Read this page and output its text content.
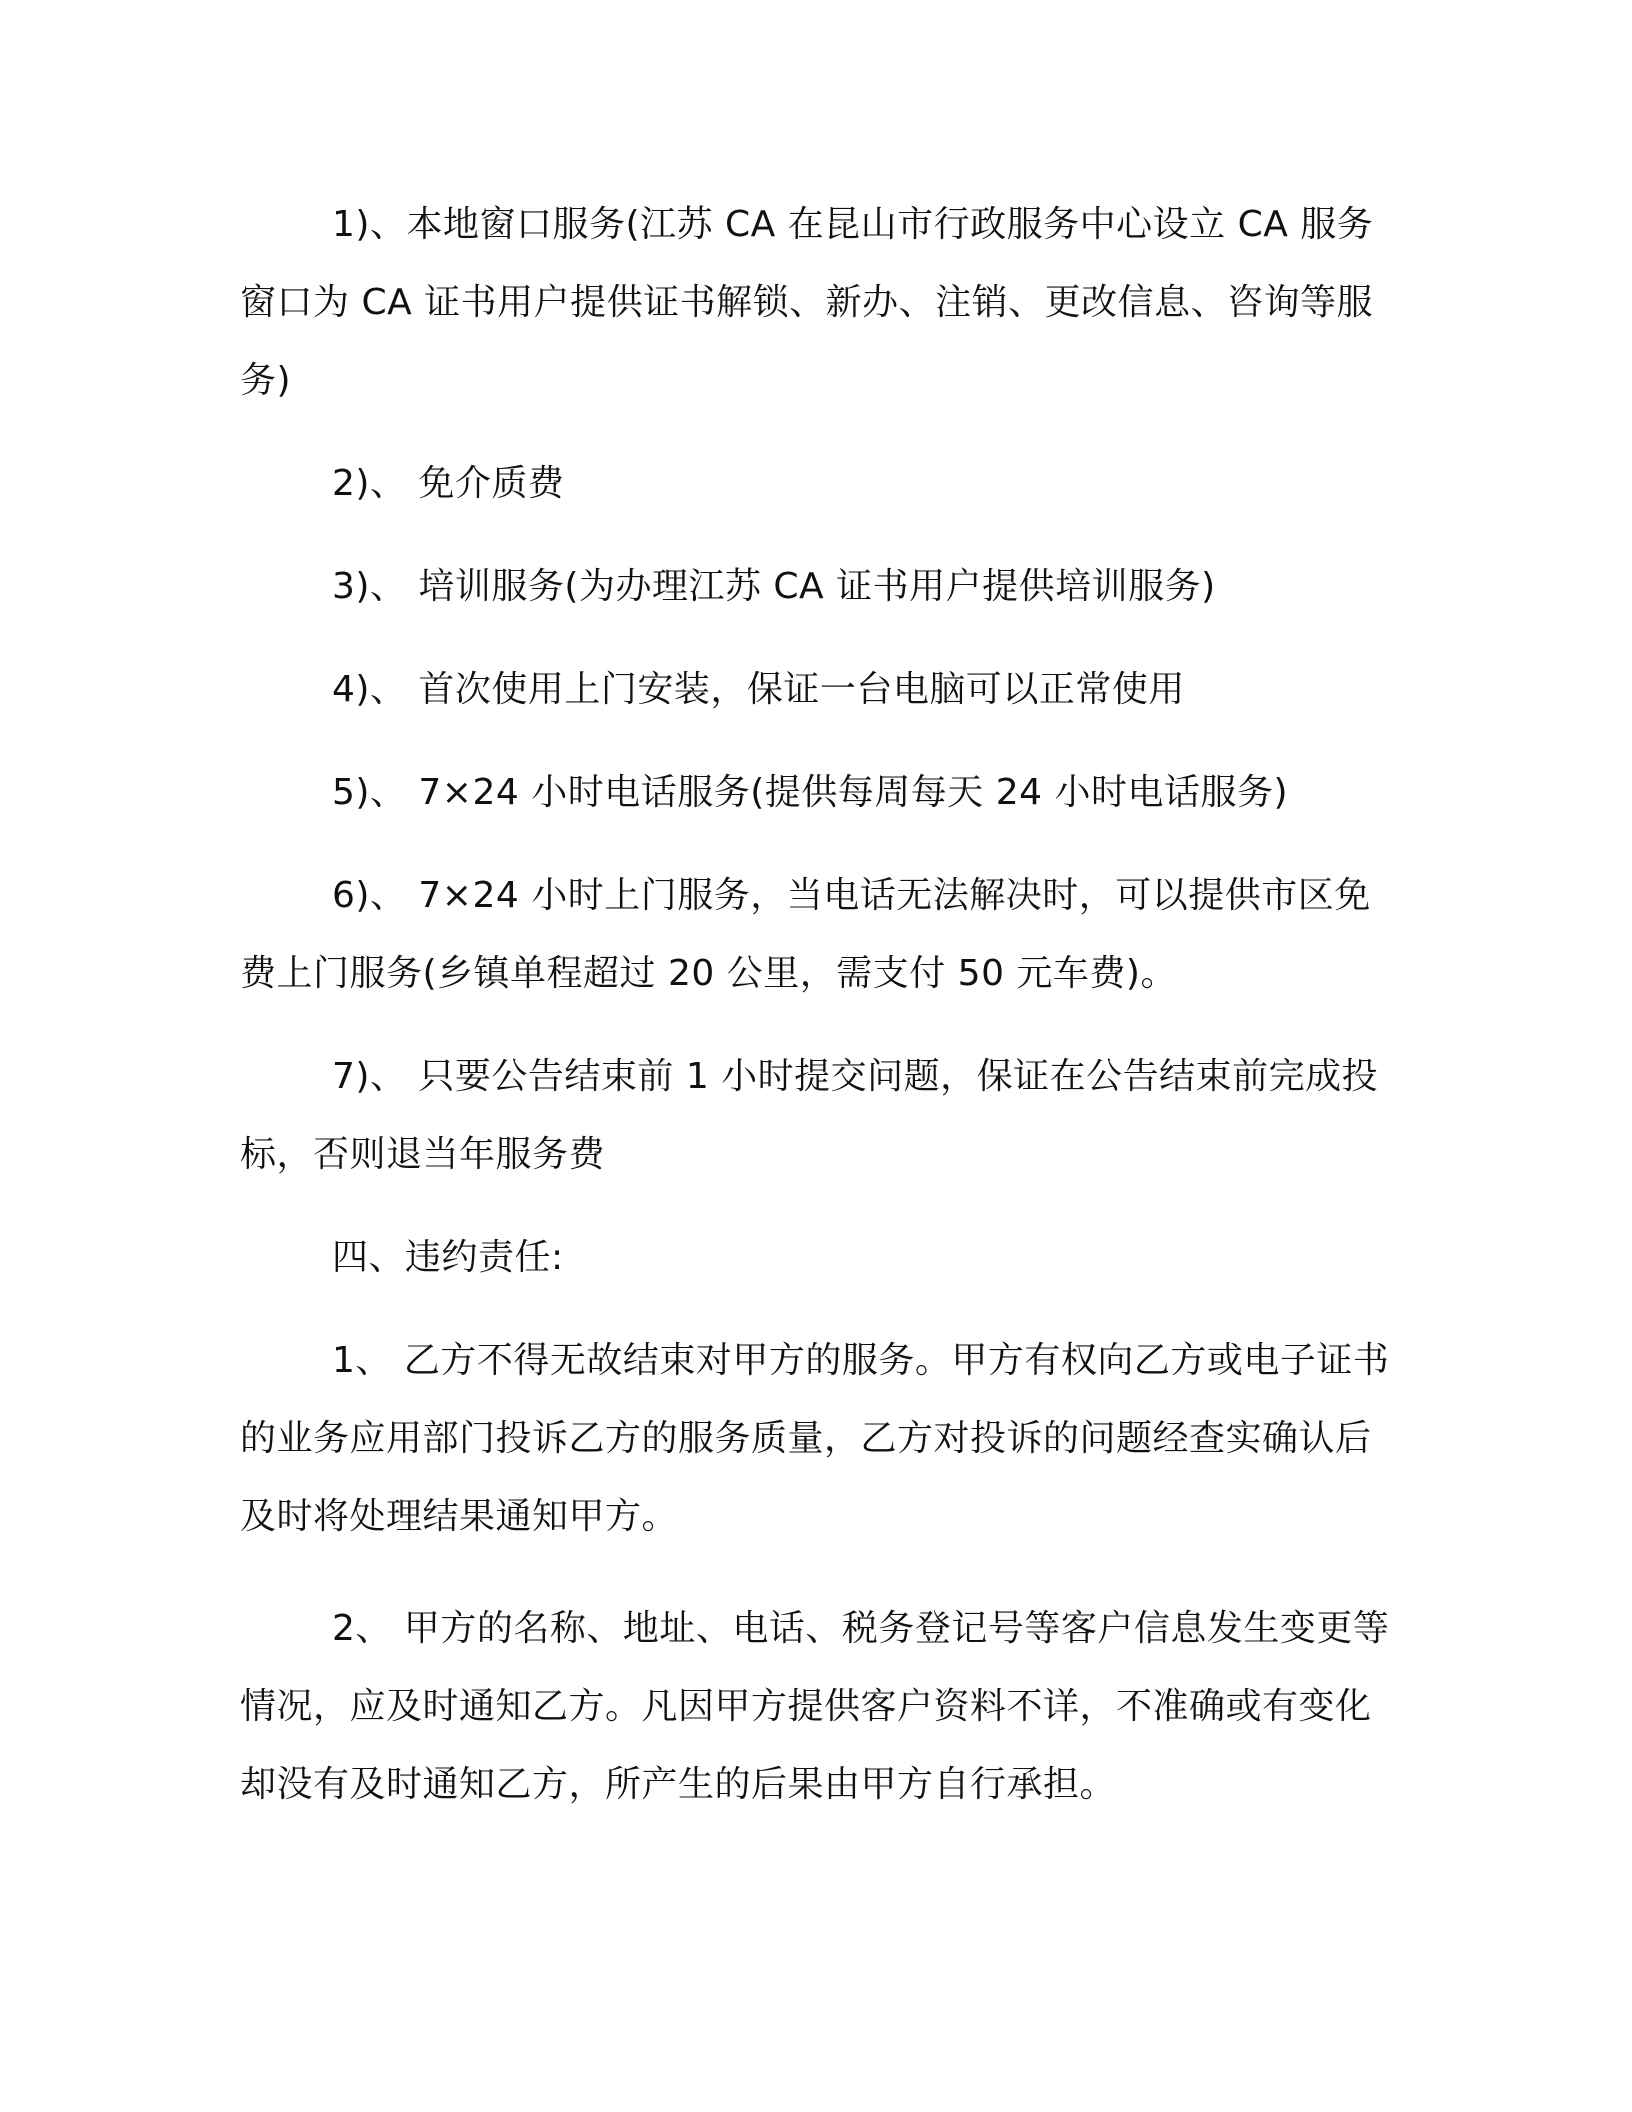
1)、本地窗口服务(江苏 CA 在昆山市行政服务中心设立 CA 服务窗口为 CA 证书用户提供证书解锁、新办、注销、更改信息、咨询等服务)

2)、 免介质费

3)、 培训服务(为办理江苏 CA 证书用户提供培训服务)

4)、 首次使用上门安装，保证一台电脑可以正常使用

5)、 7×24 小时电话服务(提供每周每天 24 小时电话服务)

6)、 7×24 小时上门服务，当电话无法解决时，可以提供市区免费上门服务(乡镇单程超过 20 公里，需支付 50 元车费)。

7)、 只要公告结束前 1 小时提交问题，保证在公告结束前完成投标，否则退当年服务费

四、违约责任:

1、 乙方不得无故结束对甲方的服务。甲方有权向乙方或电子证书的业务应用部门投诉乙方的服务质量，乙方对投诉的问题经查实确认后及时将处理结果通知甲方。

2、 甲方的名称、地址、电话、税务登记号等客户信息发生变更等情况，应及时通知乙方。凡因甲方提供客户资料不详，不准确或有变化却没有及时通知乙方，所产生的后果由甲方自行承担。
